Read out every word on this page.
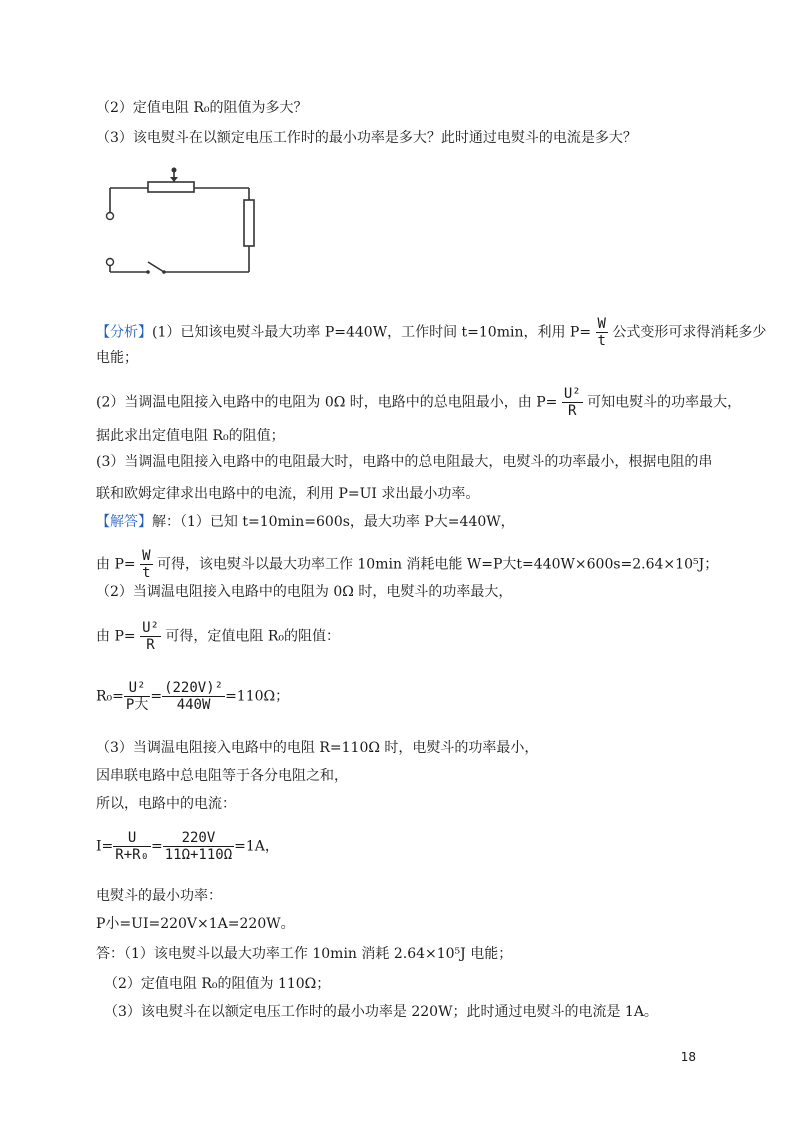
（2）定值电阻 R₀的阻值为多大？
（3）该电熨斗在以额定电压工作时的最小功率是多大？此时通过电熨斗的电流是多大？
【分析】(1）已知该电熨斗最大功率 P=440W，工作时间 t=10min，利用 $P= \frac{W}{t}$ 公式变形可求得消耗多少
电能；
(2）当调温电阻接入电路中的电阻为 0Ω 时，电路中的总电阻最小，由 $P= \frac{\text{U²}}{R}$ 可知电熨斗的功率最大，
据此求出定值电阻 R₀的阻值；
(3）当调温电阻接入电路中的电阻最大时，电路中的总电阻最大，电熨斗的功率最小，根据电阻的串
联和欧姆定律求出电路中的电流，利用 P=UI 求出最小功率。
【解答】解：（1）已知 t=10min=600s，最大功率 P大=440W，
由 $P= \frac{W}{t}$ 可得，该电熨斗以最大功率工作 10min 消耗电能 W=P大t=440W×600s=2.64×10⁵J；
（2）当调温电阻接入电路中的电阻为 0Ω 时，电熨斗的功率最大，
由 $P= \frac{\text{U²}}{R}$ 可得，定值电阻 R₀的阻值：
$R_0= \frac{\text{U²}}{\text{P大}} = \frac{\text{(220V)²}}{440W} =110\Omega$；
（3）当调温电阻接入电路中的电阻 R=110Ω 时，电熨斗的功率最小，
因串联电路中总电阻等于各分电阻之和，
所以，电路中的电流：
$I= \frac{U}{\text{R+R₀}} = \frac{220V}{11\Omega+110\Omega} =1A$，
电熨斗的最小功率：
P小=UI=220V×1A=220W。
答：（1）该电熨斗以最大功率工作 10min 消耗 2.64×10⁵J 电能；
（2）定值电阻 R₀的阻值为 110Ω；
（3）该电熨斗在以额定电压工作时的最小功率是 220W；此时通过电熨斗的电流是 1A。
18
